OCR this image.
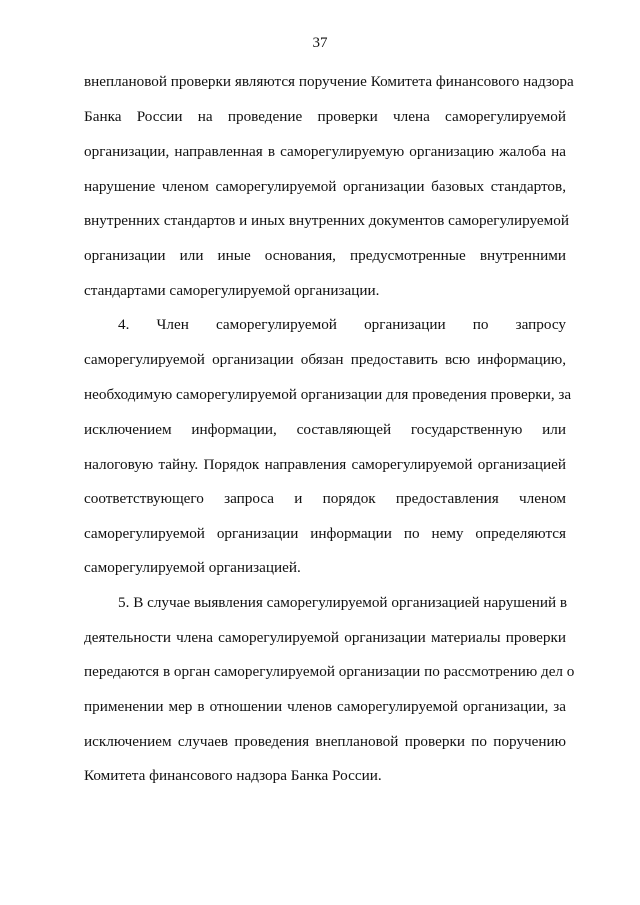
37
внеплановой проверки являются поручение Комитета финансового надзора
Банка России на проведение проверки члена саморегулируемой
организации, направленная в саморегулируемую организацию жалоба на
нарушение членом саморегулируемой организации базовых стандартов,
внутренних стандартов и иных внутренних документов саморегулируемой
организации или иные основания, предусмотренные внутренними
стандартами саморегулируемой организации.
4. Член саморегулируемой организации по запросу
саморегулируемой организации обязан предоставить всю информацию,
необходимую саморегулируемой организации для проведения проверки, за
исключением информации, составляющей государственную или
налоговую тайну. Порядок направления саморегулируемой организацией
соответствующего запроса и порядок предоставления членом
саморегулируемой организации информации по нему определяются
саморегулируемой организацией.
5. В случае выявления саморегулируемой организацией нарушений в
деятельности члена саморегулируемой организации материалы проверки
передаются в орган саморегулируемой организации по рассмотрению дел о
применении мер в отношении членов саморегулируемой организации, за
исключением случаев проведения внеплановой проверки по поручению
Комитета финансового надзора Банка России.
